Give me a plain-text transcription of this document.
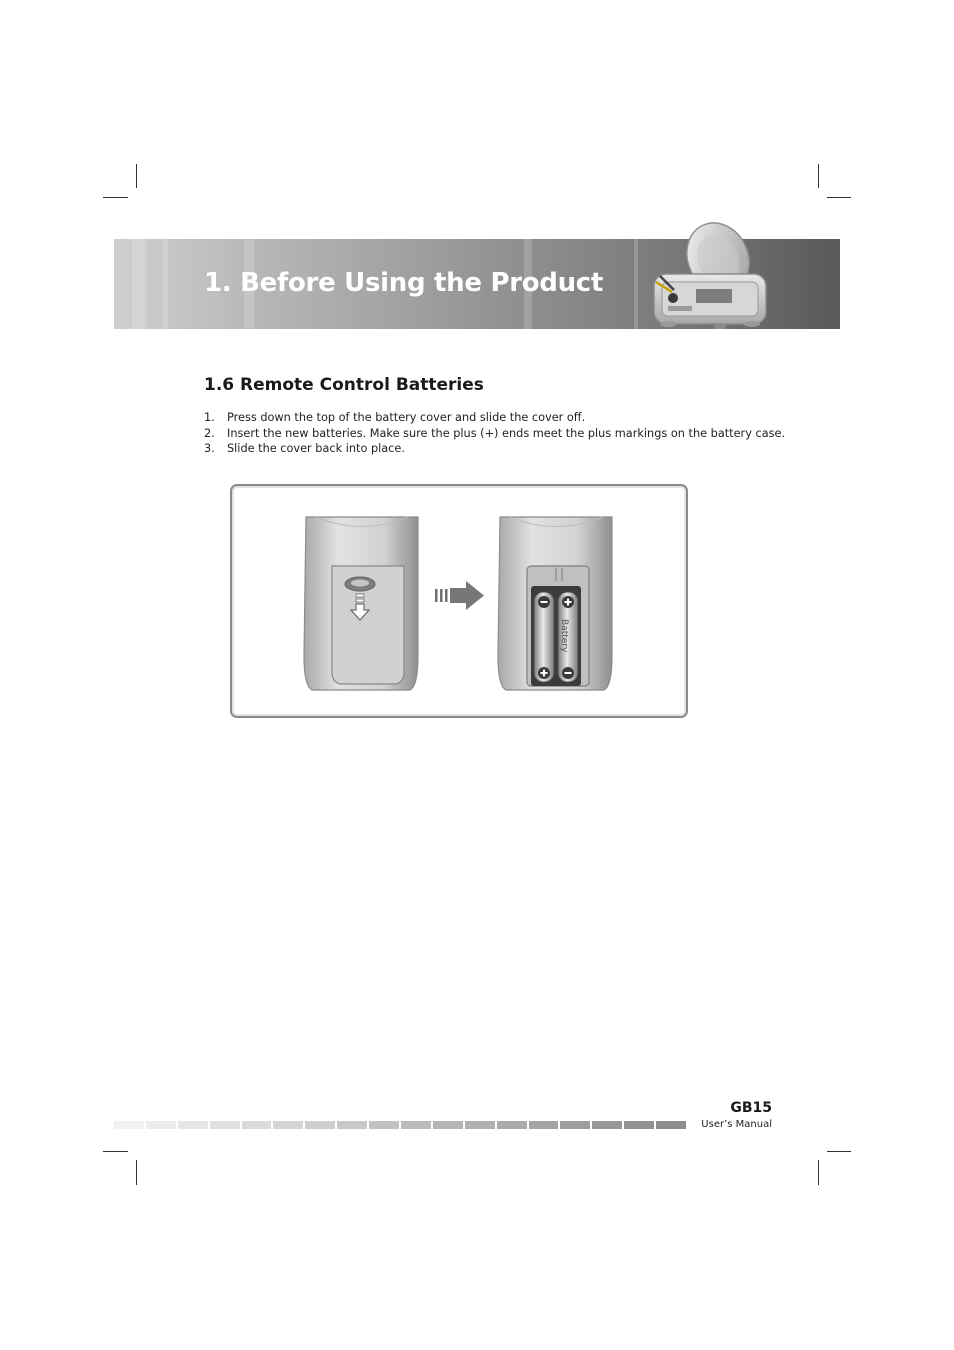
1. Before Using the Product
1.6 Remote Control Batteries
1. Press down the top of the battery cover and slide the cover off.
2. Insert the new batteries. Make sure the plus (+) ends meet the plus markings on the battery case.
3. Slide the cover back into place.
Battery

GB15

User’s Manual
